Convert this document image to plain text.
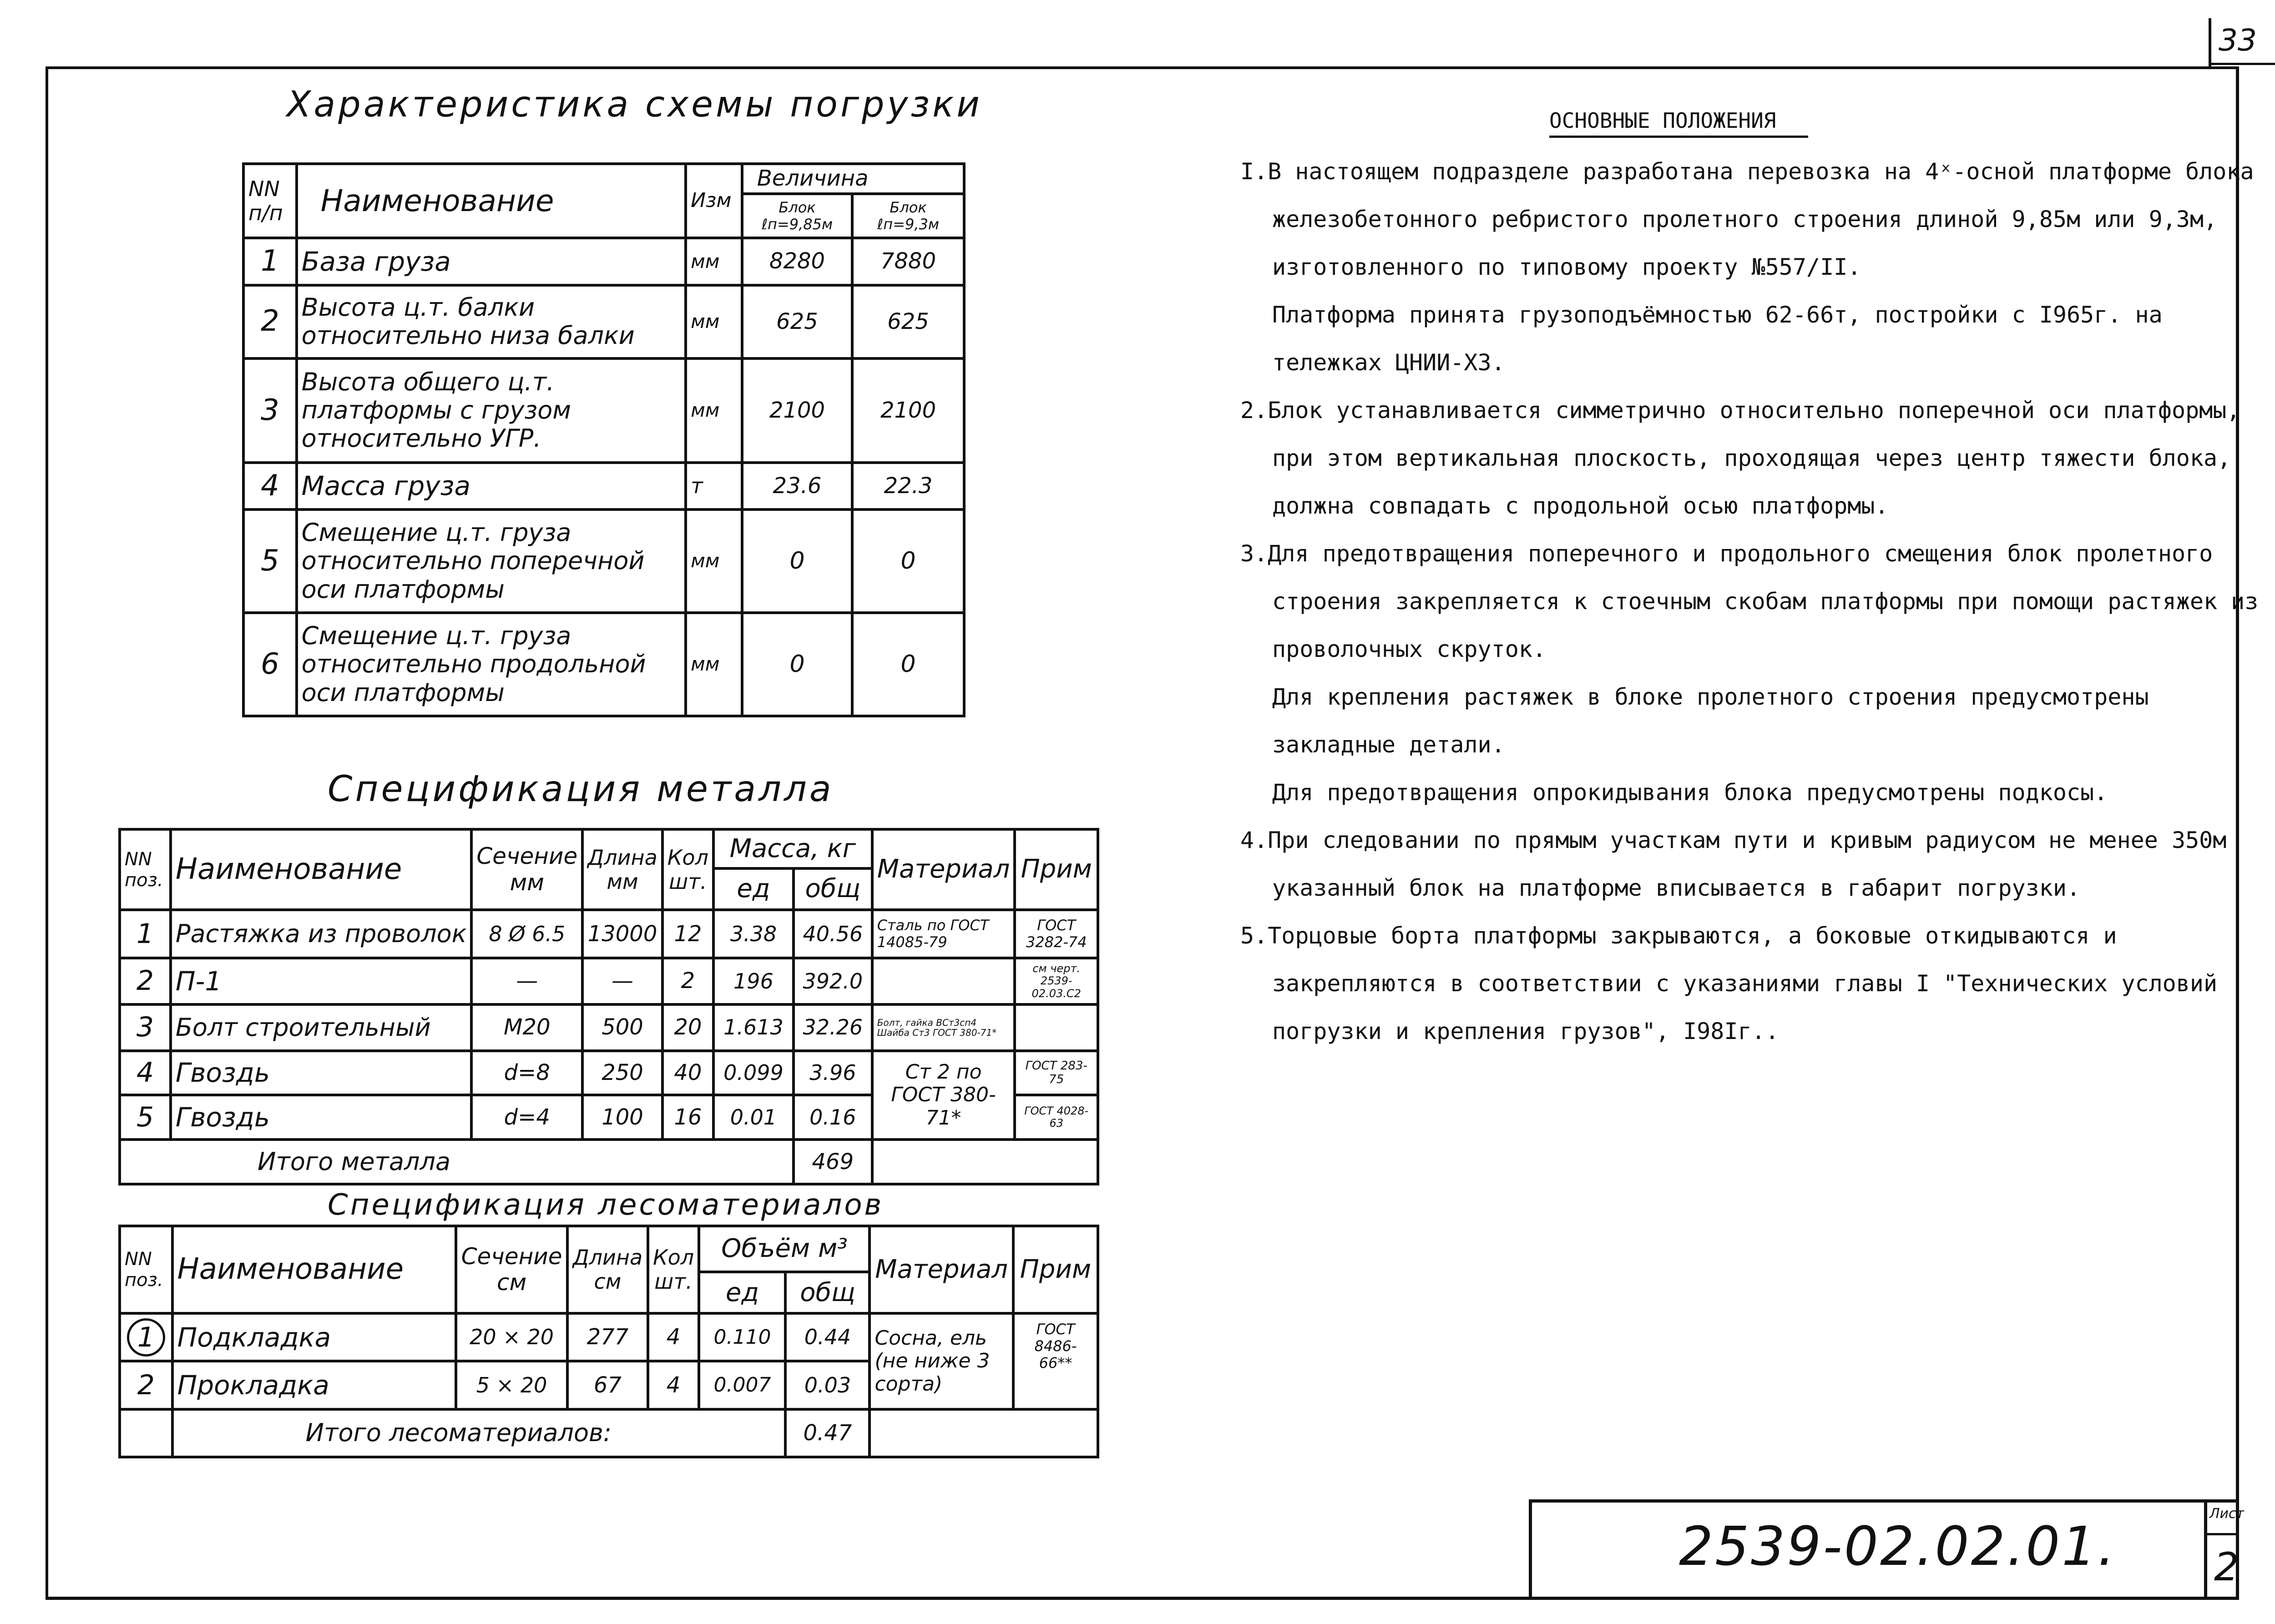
33
Характеристика схемы погрузки
NN п/п	Наименование	Изм	Величина	
			Блок ℓп=9,85м	Блок ℓп=9,3м
1	База груза	мм	8280	7880
2	Высота ц.т. балки относительно низа балки	мм	625	625
3	Высота общего ц.т. платформы с грузом относительно УГР.	мм	2100	2100
4	Масса груза	т	23.6	22.3
5	Смещение ц.т. груза относительно поперечной оси платформы	мм	0	0
6	Смещение ц.т. груза относительно продольной оси платформы	мм	0	0
Спецификация металла
NN поз.	Наименование	Сечение мм	Длина мм	Кол шт.	Масса, кг		Материал	Прим
					ед	общ		
1	Растяжка из проволок	8 Ø 6.5	13000	12	3.38	40.56	Сталь по ГОСТ 14085-79	ГОСТ 3282-74
2	П-1	—	—	2	196	392.0		см черт. 2539-02.03.С2
3	Болт строительный	М20	500	20	1.613	32.26	Болт, гайка ВСт3сп4 Шайба Ст3 ГОСТ 380-71*	
4	Гвоздь	d=8	250	40	0.099	3.96	Ст 2 по ГОСТ 380-71*	ГОСТ 283-75
5	Гвоздь	d=4	100	16	0.01	0.16		ГОСТ 4028-63
Итого металла						469		
Спецификация лесоматериалов
NN поз.	Наименование	Сечение см	Длина см	Кол шт.	Объём м³		Материал	Прим
					ед	общ		
1	Подкладка	20 × 20	277	4	0.110	0.44	Сосна, ель (не ниже 3 сорта)	ГОСТ 8486-66**
2	Прокладка	5 × 20	67	4	0.007	0.03		
	Итого лесоматериалов:					0.47		
ОСНОВНЫЕ ПОЛОЖЕНИЯ

I.В настоящем подразделе разработана перевозка на 4ˣ-осной платформе блока железобетонного ребристого пролетного строения длиной 9,85м или 9,3м, изготовленного по типовому проекту №557/II.

Платформа принята грузоподъёмностью 62-66т, постройки с I965г. на тележках ЦНИИ-ХЗ.

2.Блок устанавливается симметрично относительно поперечной оси платформы, при этом вертикальная плоскость, проходящая через центр тяжести блока, должна совпадать с продольной осью платформы.

3.Для предотвращения поперечного и продольного смещения блок пролетного строения закрепляется к стоечным скобам платформы при помощи растяжек из проволочных скруток.

Для крепления растяжек в блоке пролетного строения предусмотрены закладные детали.

Для предотвращения опрокидывания блока предусмотрены подкосы.

4.При следовании по прямым участкам пути и кривым радиусом не менее 350м указанный блок на платформе вписывается в габарит погрузки.

5.Торцовые борта платформы закрываются, а боковые откидываются и закрепляются в соответствии с указаниями главы I "Технических условий погрузки и крепления грузов", I98Iг..

2539-02.02.01.
Лист
2
